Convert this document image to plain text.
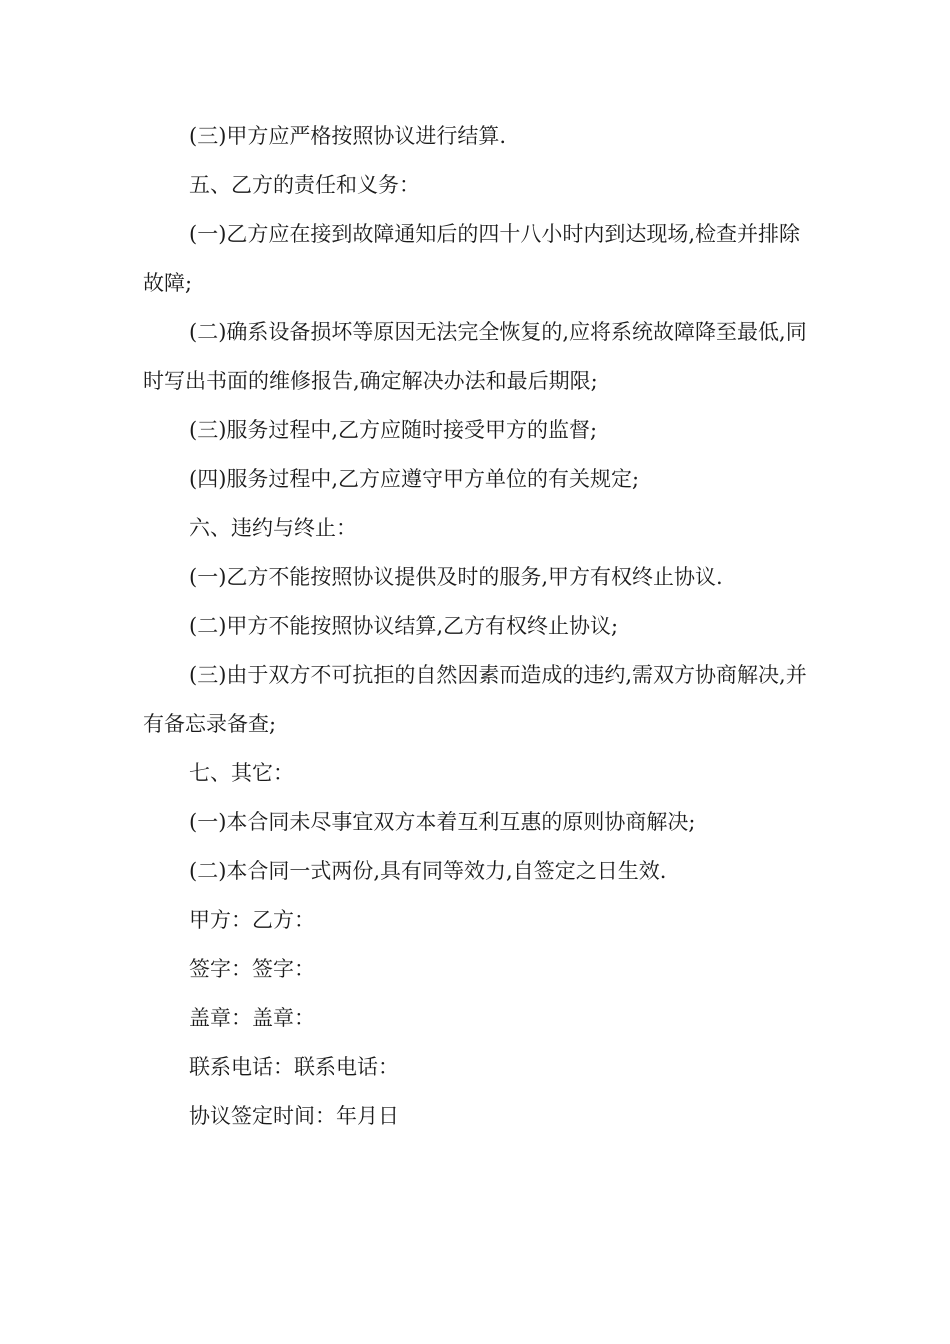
(三)甲方应严格按照协议进行结算.

五、乙方的责任和义务：

(一)乙方应在接到故障通知后的四十八小时内到达现场,检查并排除故障;

(二)确系设备损坏等原因无法完全恢复的,应将系统故障降至最低,同时写出书面的维修报告,确定解决办法和最后期限;

(三)服务过程中,乙方应随时接受甲方的监督;

(四)服务过程中,乙方应遵守甲方单位的有关规定;

六、违约与终止：

(一)乙方不能按照协议提供及时的服务,甲方有权终止协议.

(二)甲方不能按照协议结算,乙方有权终止协议;

(三)由于双方不可抗拒的自然因素而造成的违约,需双方协商解决,并有备忘录备查;

七、其它：

(一)本合同未尽事宜双方本着互利互惠的原则协商解决;

(二)本合同一式两份,具有同等效力,自签定之日生效.

甲方：乙方：

签字：签字：

盖章：盖章：

联系电话：联系电话：

协议签定时间：年月日
